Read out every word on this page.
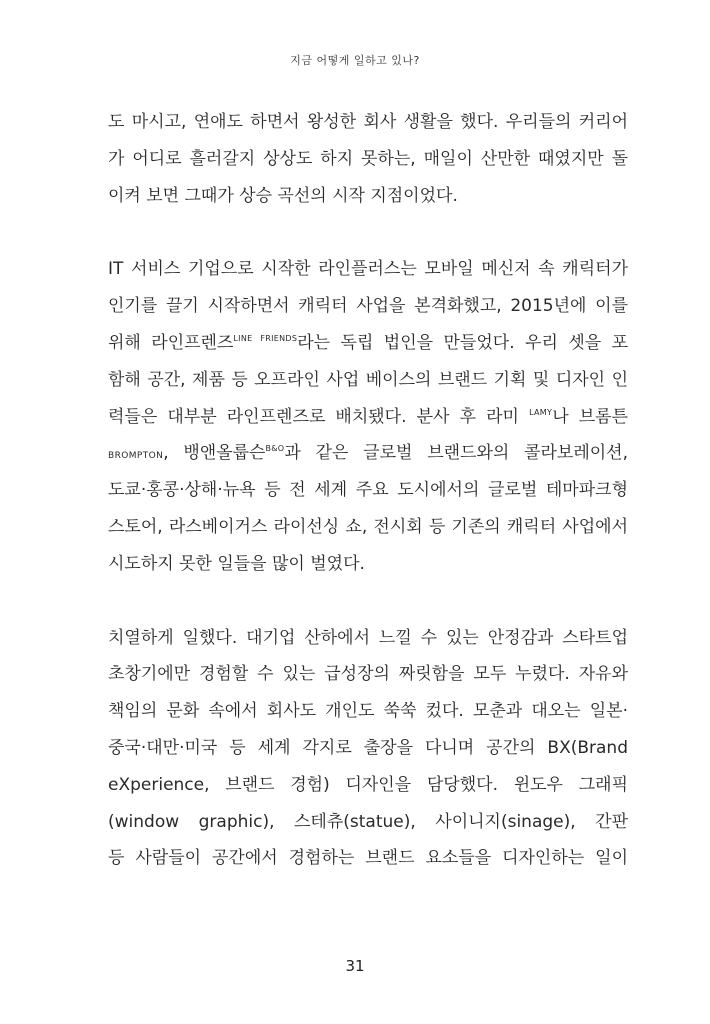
지금 어떻게 일하고 있나?
도 마시고, 연애도 하면서 왕성한 회사 생활을 했다. 우리들의 커리어
가 어디로 흘러갈지 상상도 하지 못하는, 매일이 산만한 때였지만 돌
이켜 보면 그때가 상승 곡선의 시작 지점이었다.
IT 서비스 기업으로 시작한 라인플러스는 모바일 메신저 속 캐릭터가
인기를 끌기 시작하면서 캐릭터 사업을 본격화했고, 2015년에 이를
위해 라인프렌즈$^{LINE FRIENDS}$라는 독립 법인을 만들었다. 우리 셋을 포
함해 공간, 제품 등 오프라인 사업 베이스의 브랜드 기획 및 디자인 인
력들은 대부분 라인프렌즈로 배치됐다. 분사 후 라미 $^{LAMY}$나 브롬튼
BROMPTON, 뱅앤올룹슨$^{B\&O}$과 같은 글로벌 브랜드와의 콜라보레이션,
도쿄·홍콩·상해·뉴욕 등 전 세계 주요 도시에서의 글로벌 테마파크형
스토어, 라스베이거스 라이선싱 쇼, 전시회 등 기존의 캐릭터 사업에서
시도하지 못한 일들을 많이 벌였다.
치열하게 일했다. 대기업 산하에서 느낄 수 있는 안정감과 스타트업
초창기에만 경험할 수 있는 급성장의 짜릿함을 모두 누렸다. 자유와
책임의 문화 속에서 회사도 개인도 쑥쑥 컸다. 모춘과 대오는 일본·
중국·대만·미국 등 세계 각지로 출장을 다니며 공간의 BX(Brand
eXperience, 브랜드 경험) 디자인을 담당했다. 윈도우 그래픽
(window graphic), 스테츄(statue), 사이니지(sinage), 간판
등 사람들이 공간에서 경험하는 브랜드 요소들을 디자인하는 일이
31
